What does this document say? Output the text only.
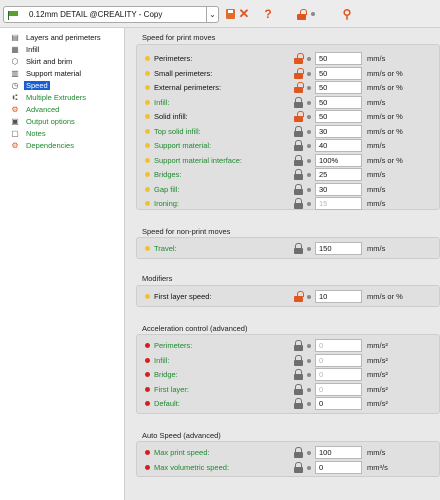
0.12mm DETAIL @CREALITY - Copy	⌄ ✕ ?	⚲
▤ Layers and perimeters
▦ Infill
⬡ Skirt and brim
▥ Support material
◷ Speed
⑆	Multiple Extruders
⚙ Advanced
▣ Output options
▢ Notes
⚙ Dependencies
Speed for print moves
Perimeters:
50	mm/s
Small perimeters:
50	mm/s or %
External perimeters:
50	mm/s or %
Infill:
50	mm/s
Solid infill:
50	mm/s or %
Top solid infill:
30	mm/s or %
Support material:
40	mm/s
Support material interface:
100%	mm/s or %
Bridges:
25	mm/s
Gap fill:
30	mm/s
Ironing:
15	mm/s
Speed for non-print moves
Travel:
150	mm/s
Modifiers
First layer speed:
10	mm/s or %
Acceleration control (advanced)
Perimeters:
0	mm/s²
Infill:
0	mm/s²
Bridge:
0	mm/s²
First layer:
0	mm/s²
Default:
0	mm/s²
Auto Speed (advanced)
Max print speed:
100	mm/s
Max volumetric speed:
0	mm³/s
